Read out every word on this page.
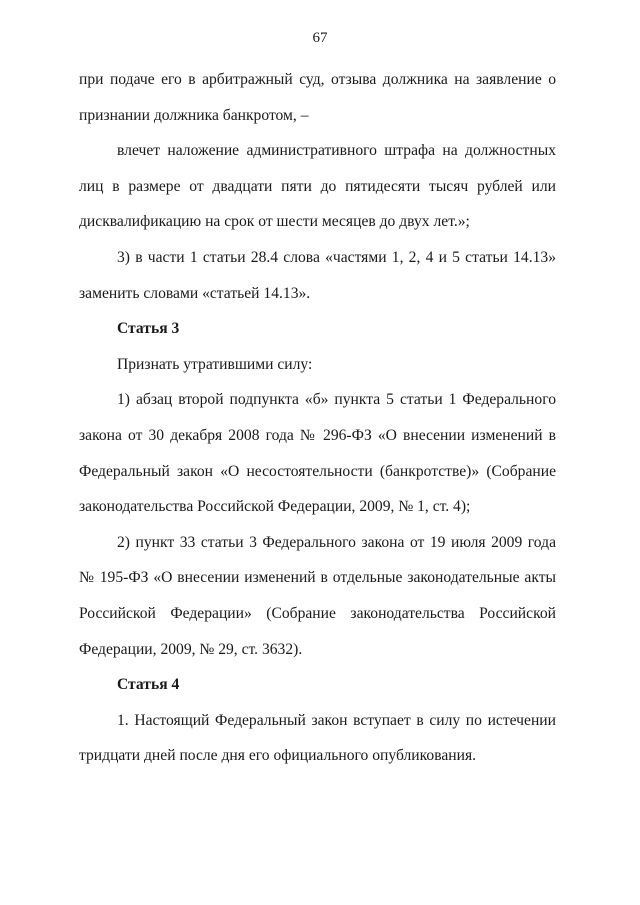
67

при подаче его в арбитражный суд, отзыва должника на заявление о признании должника банкротом, –

влечет наложение административного штрафа на должностных лиц в размере от двадцати пяти до пятидесяти тысяч рублей или дисквалификацию на срок от шести месяцев до двух лет.»;

3) в части 1 статьи 28.4 слова «частями 1, 2, 4 и 5 статьи 14.13» заменить словами «статьей 14.13».

Статья 3

Признать утратившими силу:

1) абзац второй подпункта «б» пункта 5 статьи 1 Федерального закона от 30 декабря 2008 года № 296-ФЗ «О внесении изменений в Федеральный закон «О несостоятельности (банкротстве)» (Собрание законодательства Российской Федерации, 2009, № 1, ст. 4);

2) пункт 33 статьи 3 Федерального закона от 19 июля 2009 года № 195-ФЗ «О внесении изменений в отдельные законодательные акты Российской Федерации» (Собрание законодательства Российской Федерации, 2009, № 29, ст. 3632).

Статья 4

1. Настоящий Федеральный закон вступает в силу по истечении тридцати дней после дня его официального опубликования.
